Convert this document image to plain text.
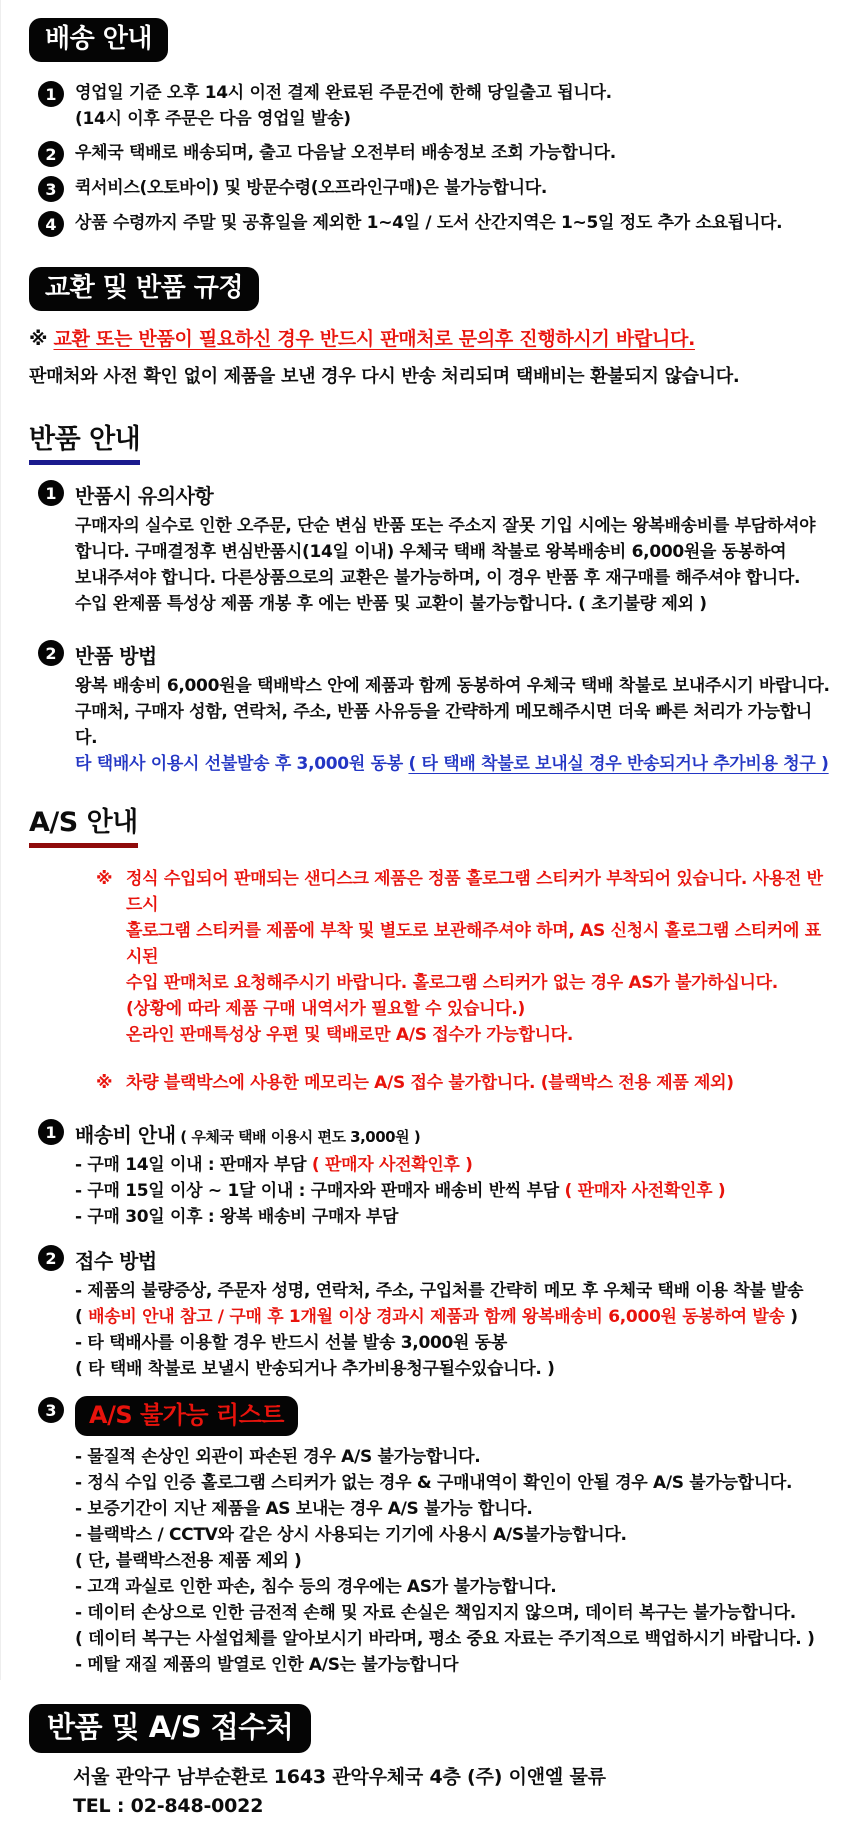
배송 안내
1	영업일 기준 오후 14시 이전 결제 완료된 주문건에 한해 당일출고 됩니다.
(14시 이후 주문은 다음 영업일 발송)
2	우체국 택배로 배송되며, 출고 다음날 오전부터 배송정보 조회 가능합니다.
3	퀵서비스(오토바이) 및 방문수령(오프라인구매)은 불가능합니다.
4	상품 수령까지 주말 및 공휴일을 제외한 1~4일 / 도서 산간지역은 1~5일 정도 추가 소요됩니다.
교환 및 반품 규정
※ 교환 또는 반품이 필요하신 경우 반드시 판매처로 문의후 진행하시기 바랍니다.
판매처와 사전 확인 없이 제품을 보낸 경우 다시 반송 처리되며 택배비는 환불되지 않습니다.
반품 안내
1 반품시 유의사항
구매자의 실수로 인한 오주문, 단순 변심 반품 또는 주소지 잘못 기입 시에는 왕복배송비를 부담하셔야
합니다. 구매결정후 변심반품시(14일 이내) 우체국 택배 착불로 왕복배송비 6,000원을 동봉하여
보내주셔야 합니다. 다른상품으로의 교환은 불가능하며, 이 경우 반품 후 재구매를 해주셔야 합니다.
수입 완제품 특성상 제품 개봉 후 에는 반품 및 교환이 불가능합니다. ( 초기불량 제외 )
2 반품 방법
왕복 배송비 6,000원을 택배박스 안에 제품과 함께 동봉하여 우체국 택배 착불로 보내주시기 바랍니다.
구매처, 구매자 성함, 연락처, 주소, 반품 사유등을 간략하게 메모해주시면 더욱 빠른 처리가 가능합니다.
타 택배사 이용시 선불발송 후 3,000원 동봉 ( 타 택배 착불로 보내실 경우 반송되거나 추가비용 청구 )
A/S 안내
※ 정식 수입되어 판매되는 샌디스크 제품은 정품 홀로그램 스티커가 부착되어 있습니다. 사용전 반드시
홀로그램 스티커를 제품에 부착 및 별도로 보관해주셔야 하며, AS 신청시 홀로그램 스티커에 표시된
수입 판매처로 요청해주시기 바랍니다. 홀로그램 스티커가 없는 경우 AS가 불가하십니다.
(상황에 따라 제품 구매 내역서가 필요할 수 있습니다.)
온라인 판매특성상 우편 및 택배로만 A/S 접수가 가능합니다.
※ 차량 블랙박스에 사용한 메모리는 A/S 접수 불가합니다. (블랙박스 전용 제품 제외)
1 배송비 안내 ( 우체국 택배 이용시 편도 3,000원 )
- 구매 14일 이내 : 판매자 부담 ( 판매자 사전확인후 )
- 구매 15일 이상 ~ 1달 이내 : 구매자와 판매자 배송비 반씩 부담 ( 판매자 사전확인후 )
- 구매 30일 이후 : 왕복 배송비 구매자 부담
2 접수 방법
- 제품의 불량증상, 주문자 성명, 연락처, 주소, 구입처를 간략히 메모 후 우체국 택배 이용 착불 발송
( 배송비 안내 참고 / 구매 후 1개월 이상 경과시 제품과 함께 왕복배송비 6,000원 동봉하여 발송 )
- 타 택배사를 이용할 경우 반드시 선불 발송 3,000원 동봉
( 타 택배 착불로 보낼시 반송되거나 추가비용청구될수있습니다. )
3	A/S 불가능 리스트
- 물질적 손상인 외관이 파손된 경우 A/S 불가능합니다.
- 정식 수입 인증 홀로그램 스티커가 없는 경우 & 구매내역이 확인이 안될 경우 A/S 불가능합니다.
- 보증기간이 지난 제품을 AS 보내는 경우 A/S 불가능 합니다.
- 블랙박스 / CCTV와 같은 상시 사용되는 기기에 사용시 A/S불가능합니다.
( 단, 블랙박스전용 제품 제외 )
- 고객 과실로 인한 파손, 침수 등의 경우에는 AS가 불가능합니다.
- 데이터 손상으로 인한 금전적 손해 및 자료 손실은 책임지지 않으며, 데이터 복구는 불가능합니다.
( 데이터 복구는 사설업체를 알아보시기 바라며, 평소 중요 자료는 주기적으로 백업하시기 바랍니다. )
- 메탈 재질 제품의 발열로 인한 A/S는 불가능합니다
반품 및 A/S 접수처
서울 관악구 남부순환로 1643 관악우체국 4층 (주) 이앤엘 물류
TEL : 02-848-0022
